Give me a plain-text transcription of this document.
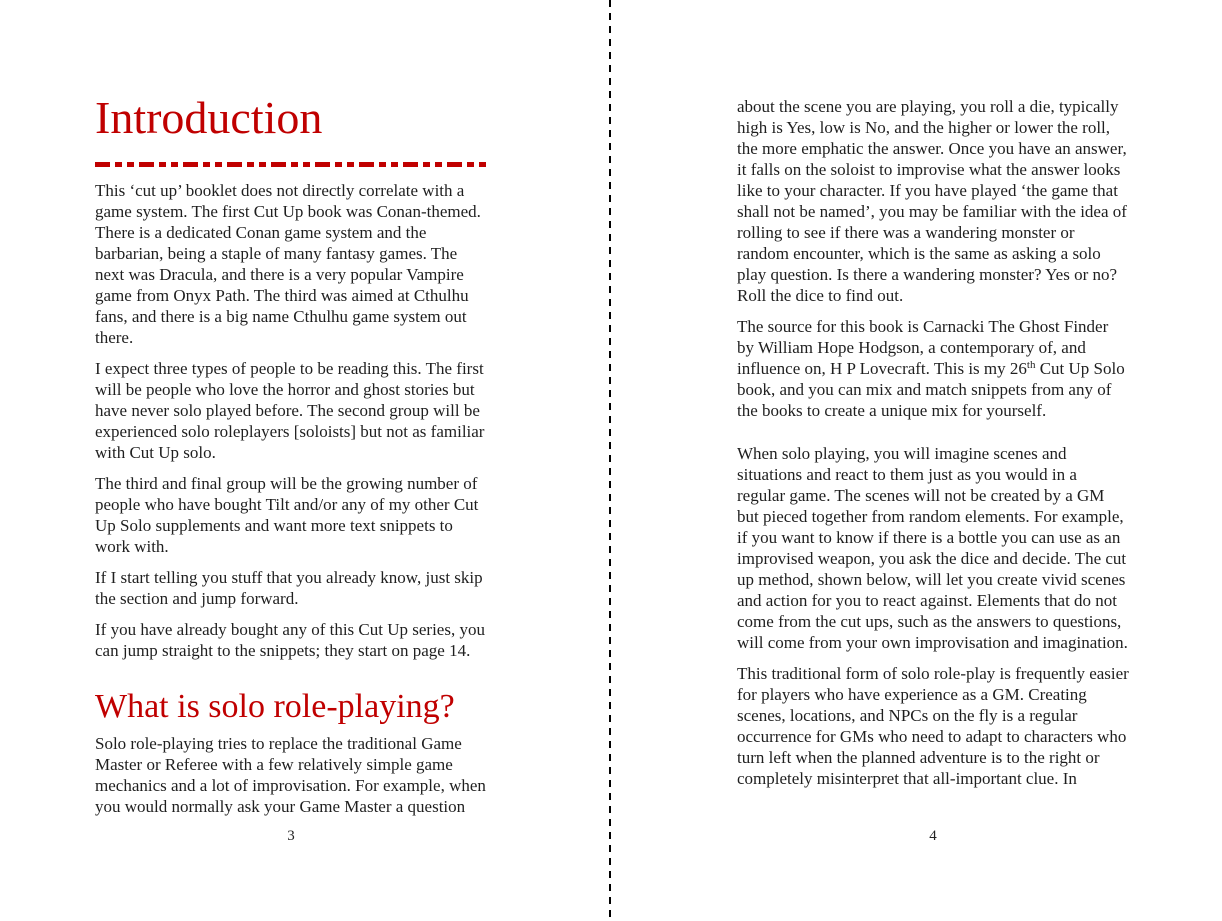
Introduction

This ‘cut up’ booklet does not directly correlate with a game system. The first Cut Up book was Conan-themed. There is a dedicated Conan game system and the barbarian, being a staple of many fantasy games. The next was Dracula, and there is a very popular Vampire game from Onyx Path. The third was aimed at Cthulhu fans, and there is a big name Cthulhu game system out there.

I expect three types of people to be reading this. The first will be people who love the horror and ghost stories but have never solo played before. The second group will be experienced solo roleplayers [soloists] but not as familiar with Cut Up solo.

The third and final group will be the growing number of people who have bought Tilt and/or any of my other Cut Up Solo supplements and want more text snippets to work with.

If I start telling you stuff that you already know, just skip the section and jump forward.

If you have already bought any of this Cut Up series, you can jump straight to the snippets; they start on page 14.

What is solo role-playing?

Solo role-playing tries to replace the traditional Game Master or Referee with a few relatively simple game mechanics and a lot of improvisation. For example, when you would normally ask your Game Master a question

3

about the scene you are playing, you roll a die, typically high is Yes, low is No, and the higher or lower the roll, the more emphatic the answer. Once you have an answer, it falls on the soloist to improvise what the answer looks like to your character. If you have played ‘the game that shall not be named’, you may be familiar with the idea of rolling to see if there was a wandering monster or random encounter, which is the same as asking a solo play question. Is there a wandering monster? Yes or no? Roll the dice to find out.

The source for this book is Carnacki The Ghost Finder by William Hope Hodgson, a contemporary of, and influence on, H P Lovecraft. This is my 26th Cut Up Solo book, and you can mix and match snippets from any of the books to create a unique mix for yourself.

When solo playing, you will imagine scenes and situations and react to them just as you would in a regular game. The scenes will not be created by a GM but pieced together from random elements. For example, if you want to know if there is a bottle you can use as an improvised weapon, you ask the dice and decide. The cut up method, shown below, will let you create vivid scenes and action for you to react against. Elements that do not come from the cut ups, such as the answers to questions, will come from your own improvisation and imagination.

This traditional form of solo role-play is frequently easier for players who have experience as a GM. Creating scenes, locations, and NPCs on the fly is a regular occurrence for GMs who need to adapt to characters who turn left when the planned adventure is to the right or completely misinterpret that all-important clue. In

4
